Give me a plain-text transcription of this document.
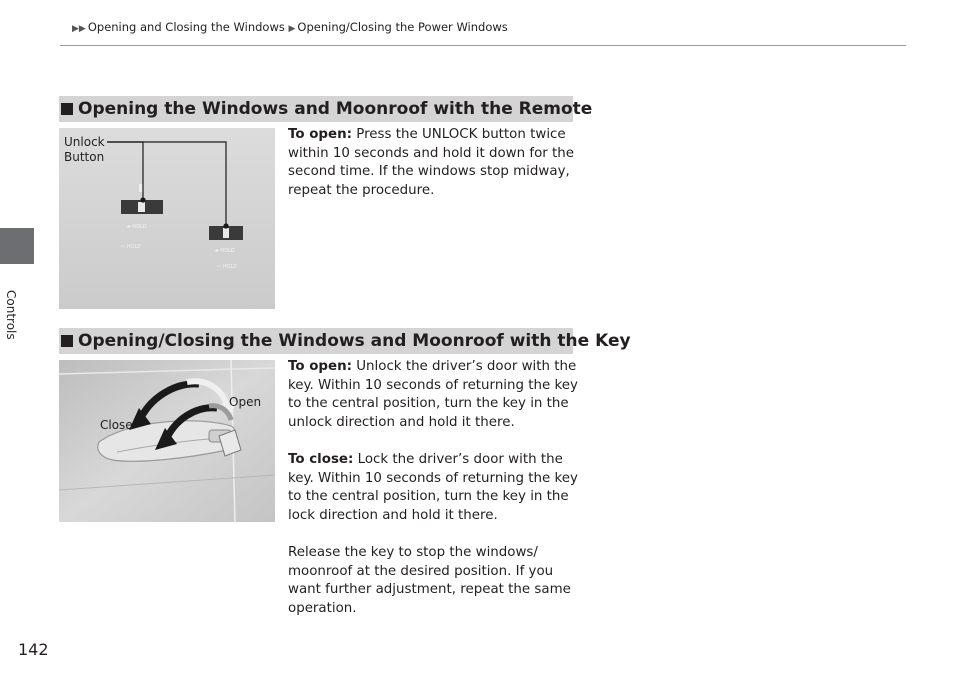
Controls
142
▶▶ Opening and Closing the Windows ▶ Opening/Closing the Power Windows
Opening the Windows and Moonroof with the Remote
▰ HOLD
⇨ HOLD
▰ HOLD
⇨ HOLD
Unlock
Button
To open: Press the UNLOCK button twice within 10 seconds and hold it down for the second time. If the windows stop midway, repeat the procedure.
Opening/Closing the Windows and Moonroof with the Key
Close
Open
To open: Unlock the driver’s door with the key. Within 10 seconds of returning the key to the central position, turn the key in the unlock direction and hold it there.
To close: Lock the driver’s door with the key. Within 10 seconds of returning the key to the central position, turn the key in the lock direction and hold it there.
Release the key to stop the windows/ moonroof at the desired position. If you want further adjustment, repeat the same operation.
